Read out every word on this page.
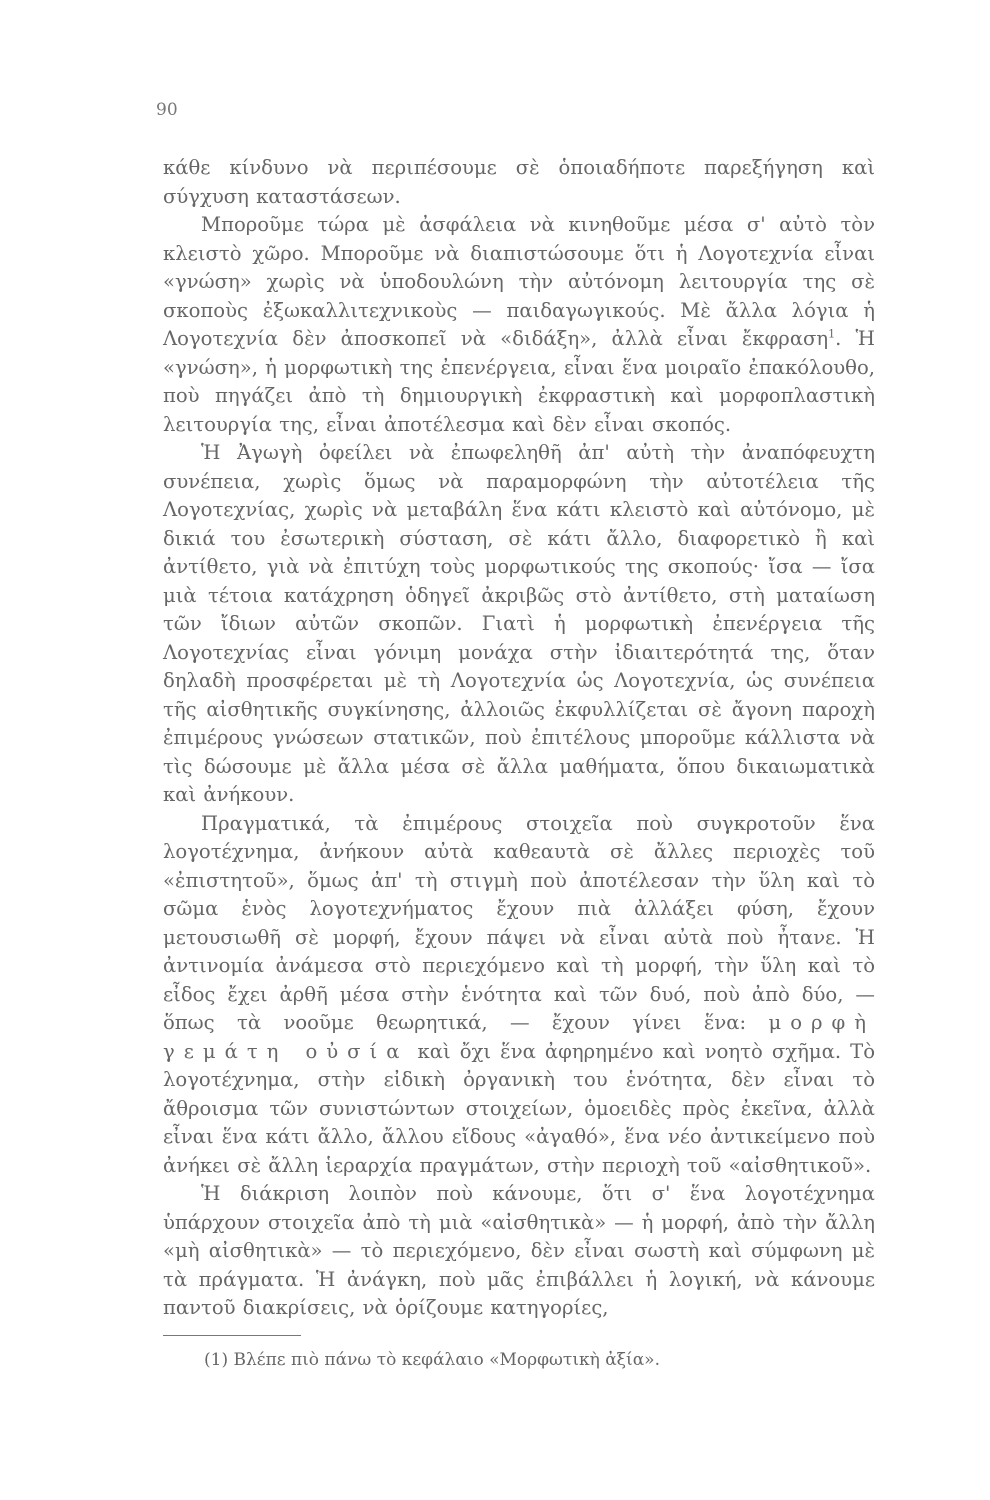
90

κάθε κίνδυνο νὰ περιπέσουμε σὲ ὁποιαδήποτε παρεξήγηση καὶ σύγχυση καταστάσεων.

Μποροῦμε τώρα μὲ ἀσφάλεια νὰ κινηθοῦμε μέσα σ' αὐτὸ τὸν κλειστὸ χῶρο. Μποροῦμε νὰ διαπιστώσουμε ὅτι ἡ Λογοτεχνία εἶναι «γνώση» χωρὶς νὰ ὑποδουλώνη τὴν αὐτόνομη λειτουργία της σὲ σκοποὺς ἐξωκαλλιτεχνικοὺς — παιδαγωγικούς. Μὲ ἄλλα λόγια ἡ Λογοτεχνία δὲν ἀποσκοπεῖ νὰ «διδάξη», ἀλλὰ εἶναι ἔκφραση$^1$. Ἡ «γνώση», ἡ μορφωτικὴ της ἐπενέργεια, εἶναι ἕνα μοιραῖο ἐπακόλουθο, ποὺ πηγάζει ἀπὸ τὴ δημιουργικὴ ἐκφραστικὴ καὶ μορφοπλαστικὴ λειτουργία της, εἶναι ἀποτέλεσμα καὶ δὲν εἶναι σκοπός.

Ἡ Ἀγωγὴ ὀφείλει νὰ ἐπωφεληθῆ ἀπ' αὐτὴ τὴν ἀναπόφευχτη συνέπεια, χωρὶς ὅμως νὰ παραμορφώνη τὴν αὐτοτέλεια τῆς Λογοτεχνίας, χωρὶς νὰ μεταβάλη ἕνα κάτι κλειστὸ καὶ αὐτόνομο, μὲ δικιά του ἐσωτερικὴ σύσταση, σὲ κάτι ἄλλο, διαφορετικὸ ἢ καὶ ἀντίθετο, γιὰ νὰ ἐπιτύχη τοὺς μορφωτικούς της σκοπούς· ἴσα — ἴσα μιὰ τέτοια κατάχρηση ὁδηγεῖ ἀκριβῶς στὸ ἀντίθετο, στὴ ματαίωση τῶν ἴδιων αὐτῶν σκοπῶν. Γιατὶ ἡ μορφωτικὴ ἐπενέργεια τῆς Λογοτεχνίας εἶναι γόνιμη μονάχα στὴν ἰδιαιτερότητά της, ὅταν δηλαδὴ προσφέρεται μὲ τὴ Λογοτεχνία ὡς Λογοτεχνία, ὡς συνέπεια τῆς αἰσθητικῆς συγκίνησης, ἀλλοιῶς ἐκφυλλίζεται σὲ ἄγονη παροχὴ ἐπιμέρους γνώσεων στατικῶν, ποὺ ἐπιτέλους μποροῦμε κάλλιστα νὰ τὶς δώσουμε μὲ ἄλλα μέσα σὲ ἄλλα μαθήματα, ὅπου δικαιωματικὰ καὶ ἀνήκουν.

Πραγματικά, τὰ ἐπιμέρους στοιχεῖα ποὺ συγκροτοῦν ἕνα λογοτέχνημα, ἀνήκουν αὐτὰ καθεαυτὰ σὲ ἄλλες περιοχὲς τοῦ «ἐπιστητοῦ», ὅμως ἀπ' τὴ στιγμὴ ποὺ ἀποτέλεσαν τὴν ὕλη καὶ τὸ σῶμα ἑνὸς λογοτεχνήματος ἔχουν πιὰ ἀλλάξει φύση, ἔχουν μετουσιωθῆ σὲ μορφή, ἔχουν πάψει νὰ εἶναι αὐτὰ ποὺ ἦτανε. Ἡ ἀντινομία ἀνάμεσα στὸ περιεχόμενο καὶ τὴ μορφή, τὴν ὕλη καὶ τὸ εἶδος ἔχει ἀρθῆ μέσα στὴν ἑνότητα καὶ τῶν δυό, ποὺ ἀπὸ δύο, — ὅπως τὰ νοοῦμε θεωρητικά, — ἔχουν γίνει ἕνα: μορφὴ γεμάτη οὐσία καὶ ὄχι ἕνα ἀφηρημένο καὶ νοητὸ σχῆμα. Τὸ λογοτέχνημα, στὴν εἰδικὴ ὀργανικὴ του ἑνότητα, δὲν εἶναι τὸ ἄθροισμα τῶν συνιστώντων στοιχείων, ὁμοειδὲς πρὸς ἐκεῖνα, ἀλλὰ εἶναι ἕνα κάτι ἄλλο, ἄλλου εἴδους «ἀγαθό», ἕνα νέο ἀντικείμενο ποὺ ἀνήκει σὲ ἄλλη ἱεραρχία πραγμάτων, στὴν περιοχὴ τοῦ «αἰσθητικοῦ».

Ἡ διάκριση λοιπὸν ποὺ κάνουμε, ὅτι σ' ἕνα λογοτέχνημα ὑπάρχουν στοιχεῖα ἀπὸ τὴ μιὰ «αἰσθητικὰ» — ἡ μορφή, ἀπὸ τὴν ἄλλη «μὴ αἰσθητικὰ» — τὸ περιεχόμενο, δὲν εἶναι σωστὴ καὶ σύμφωνη μὲ τὰ πράγματα. Ἡ ἀνάγκη, ποὺ μᾶς ἐπιβάλλει ἡ λογική, νὰ κάνουμε παντοῦ διακρίσεις, νὰ ὁρίζουμε κατηγορίες,

(1) Βλέπε πιὸ πάνω τὸ κεφάλαιο «Μορφωτικὴ ἀξία».
